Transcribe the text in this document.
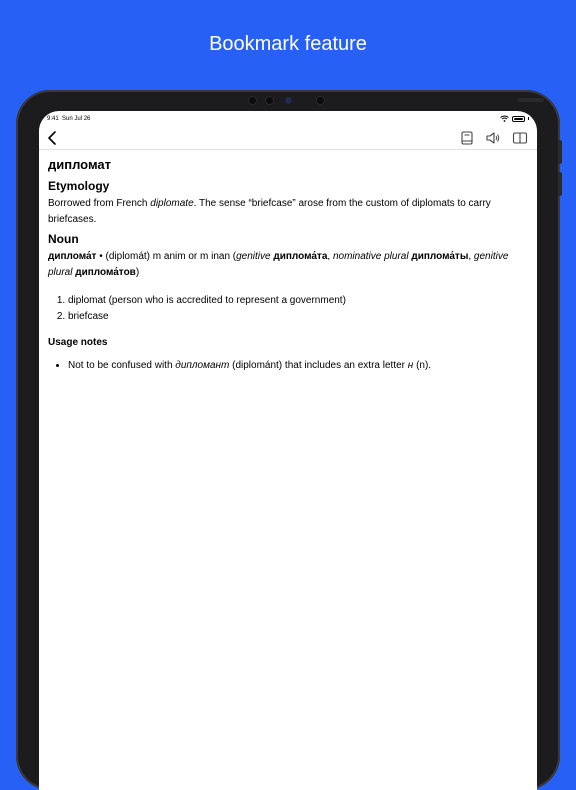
Bookmark feature
9:41 Sun Jul 26
дипломат
Etymology

Borrowed from French diplomate. The sense “briefcase” arose from the custom of diplomats to carry briefcases.

Noun

диплома́т • (diplomát) m anim or m inan (genitive диплома́та, nominative plural диплома́ты, genitive plural диплома́тов)

1. diplomat (person who is accredited to represent a government)
2. briefcase
Usage notes
• Not to be confused with дипломант (diplománt) that includes an extra letter н (n).
